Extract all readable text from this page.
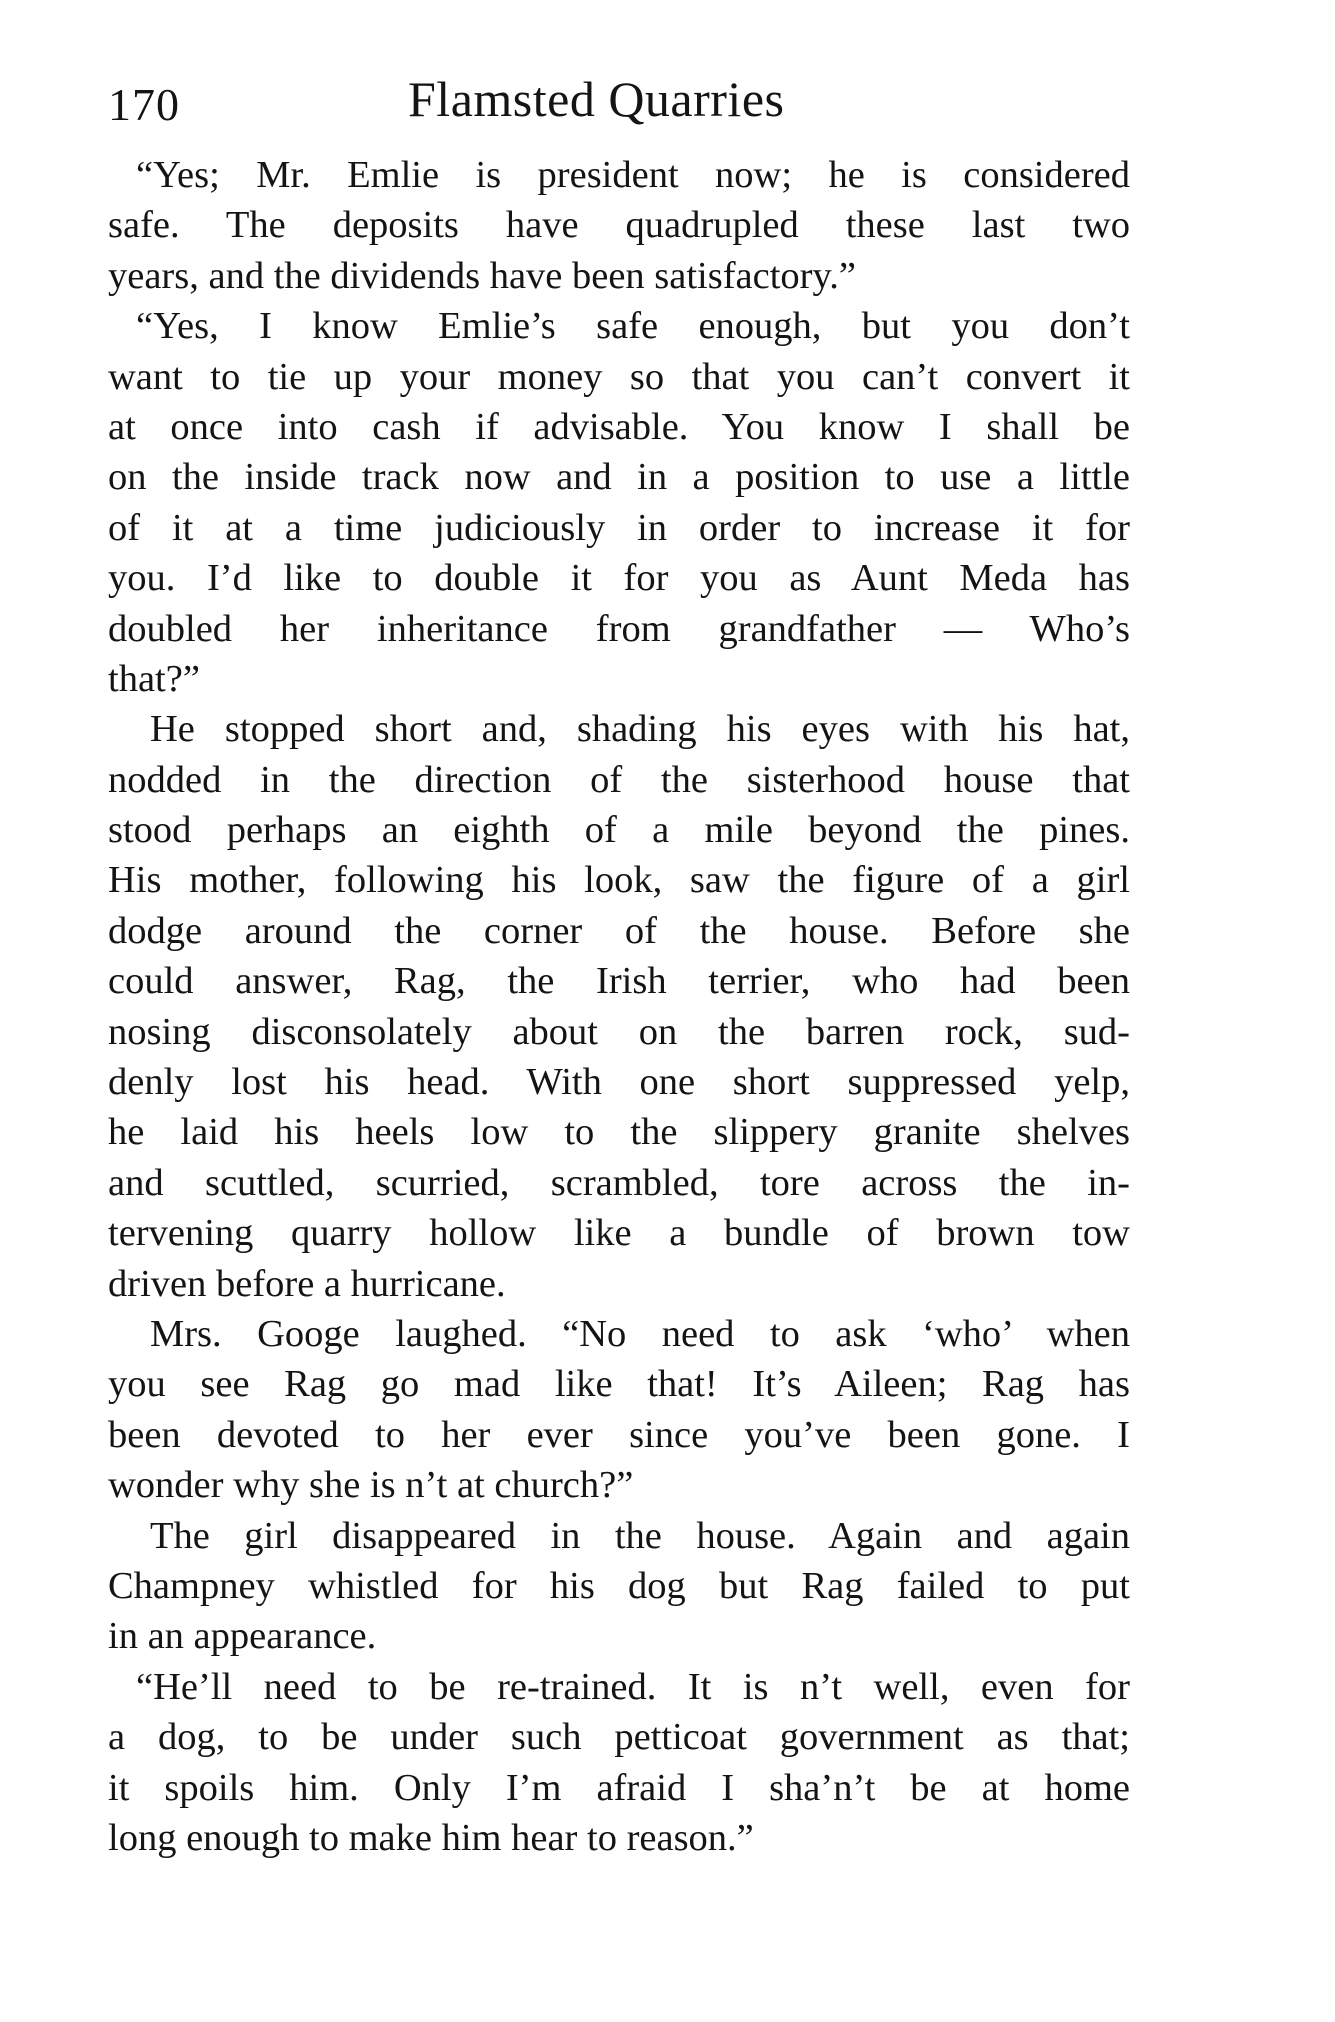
170	Flamsted Quarries

“Yes; Mr. Emlie is president now; he is considered
safe. The deposits have quadrupled these last two
years, and the dividends have been satisfactory.”

“Yes, I know Emlie’s safe enough, but you don’t
want to tie up your money so that you can’t convert it
at once into cash if advisable. You know I shall be
on the inside track now and in a position to use a little
of it at a time judiciously in order to increase it for
you. I’d like to double it for you as Aunt Meda has
doubled her inheritance from grandfather — Who’s
that?”

He stopped short and, shading his eyes with his hat,
nodded in the direction of the sisterhood house that
stood perhaps an eighth of a mile beyond the pines.
His mother, following his look, saw the figure of a girl
dodge around the corner of the house. Before she
could answer, Rag, the Irish terrier, who had been
nosing disconsolately about on the barren rock, sud-
denly lost his head. With one short suppressed yelp,
he laid his heels low to the slippery granite shelves
and scuttled, scurried, scrambled, tore across the in-
tervening quarry hollow like a bundle of brown tow
driven before a hurricane.

Mrs. Googe laughed. “No need to ask ‘who’ when
you see Rag go mad like that! It’s Aileen; Rag has
been devoted to her ever since you’ve been gone. I
wonder why she is n’t at church?”

The girl disappeared in the house. Again and again
Champney whistled for his dog but Rag failed to put
in an appearance.

“He’ll need to be re-trained. It is n’t well, even for
a dog, to be under such petticoat government as that;
it spoils him. Only I’m afraid I sha’n’t be at home
long enough to make him hear to reason.”
